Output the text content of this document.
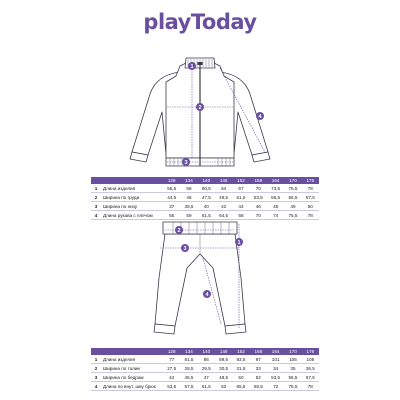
playToday
1
2
3
4
		128	134	140	146	152	158	164	170	176
1	Длина изделия	55,5	58	60,5	64	67	70	73,5	75,5	78
2	Ширина по груди	44,5	46	47,5	49,5	51,5	53,5	55,5	56,5	57,5
3	Ширина по низу	37	38,5	40	42	44	46	48	49	50
4	Длина рукава с плечом	56	59	61,5	64,5	68	70	74	75,5	78
1
2
3
4
		128	134	140	146	152	158	164	170	176
1	Длина изделия	77	81,5	86	89,5	93,5	97	101	105	108
2	Ширина по талии	27,5	28,5	29,5	30,5	31,5	33	34	35	36,5
3	Ширина по бедрам	44	45,5	47	48,5	50	52	53,5	55,5	57,5
4	Длина по внут. шву брюк	53,5	57,5	61,5	63	65,5	69,5	72	75,5	78
